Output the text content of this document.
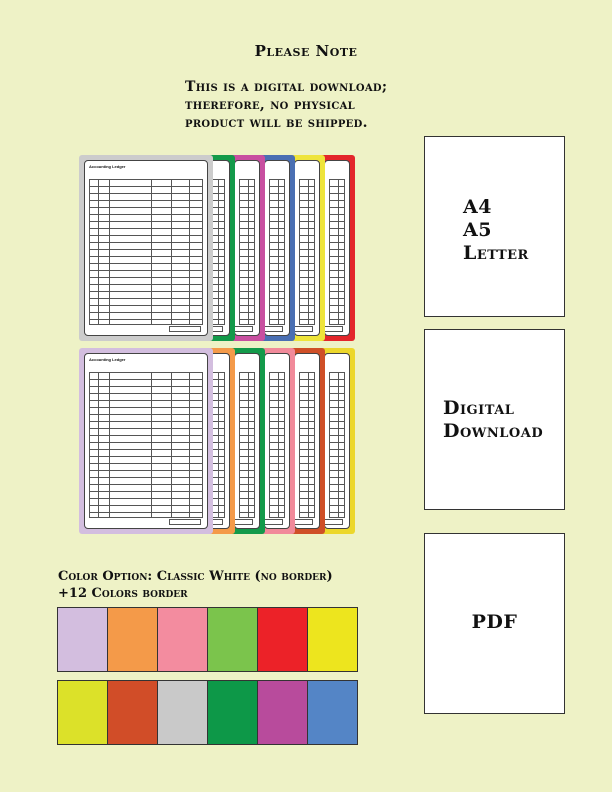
Please Note
This is a digital download;
therefore, no physical
product will be shipped.
Accounting Ledger
Accounting Ledger
A4
A5
Letter
Digital
Download
PDF
Color Option: Classic White (no border)
+12 Colors border
